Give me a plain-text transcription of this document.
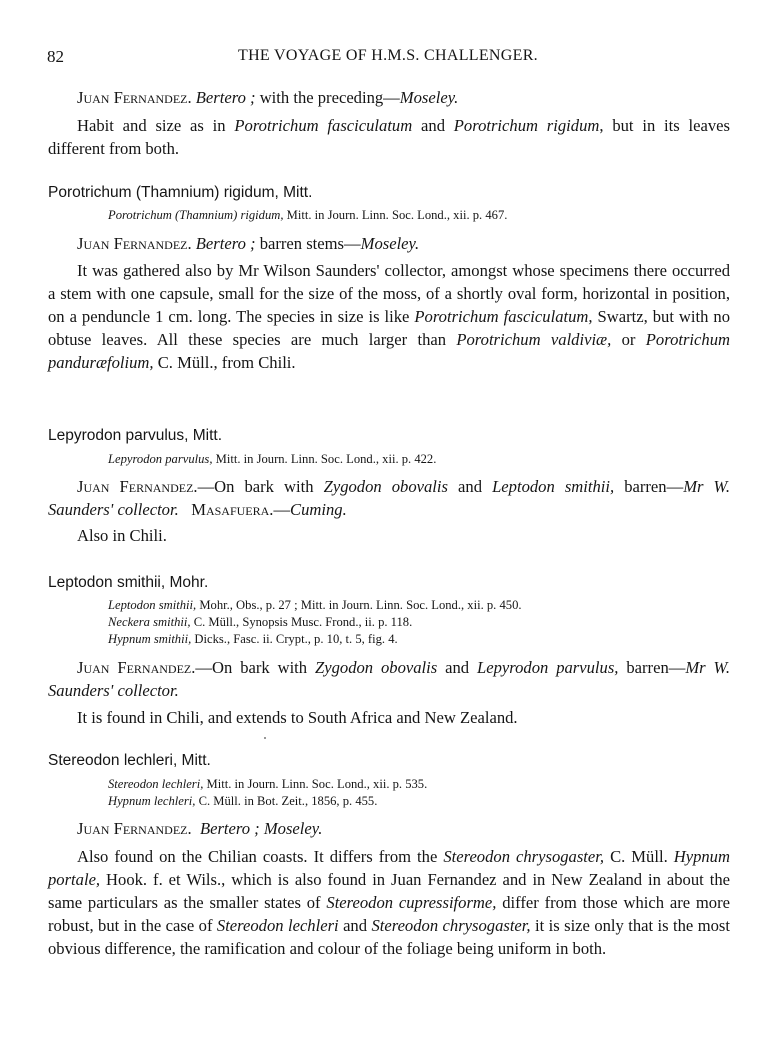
82	THE VOYAGE OF H.M.S. CHALLENGER.
Juan Fernandez. Bertero ; with the preceding—Moseley.
Habit and size as in Porotrichum fasciculatum and Porotrichum rigidum, but in its leaves different from both.
Porotrichum (Thamnium) rigidum, Mitt.
Porotrichum (Thamnium) rigidum, Mitt. in Journ. Linn. Soc. Lond., xii. p. 467.
Juan Fernandez. Bertero ; barren stems—Moseley.
It was gathered also by Mr Wilson Saunders' collector, amongst whose specimens there occurred a stem with one capsule, small for the size of the moss, of a shortly oval form, horizontal in position, on a penduncle 1 cm. long. The species in size is like Porotrichum fasciculatum, Swartz, but with no obtuse leaves. All these species are much larger than Porotrichum valdiviæ, or Porotrichum panduræfolium, C. Müll., from Chili.
Lepyrodon parvulus, Mitt.
Lepyrodon parvulus, Mitt. in Journ. Linn. Soc. Lond., xii. p. 422.
Juan Fernandez.—On bark with Zygodon obovalis and Leptodon smithii, barren—Mr W. Saunders' collector. Masafuera.—Cuming.
Also in Chili.
Leptodon smithii, Mohr.
Leptodon smithii, Mohr., Obs., p. 27 ; Mitt. in Journ. Linn. Soc. Lond., xii. p. 450.
Neckera smithii, C. Müll., Synopsis Musc. Frond., ii. p. 118.
Hypnum smithii, Dicks., Fasc. ii. Crypt., p. 10, t. 5, fig. 4.
Juan Fernandez.—On bark with Zygodon obovalis and Lepyrodon parvulus, barren—Mr W. Saunders' collector.
It is found in Chili, and extends to South Africa and New Zealand.
Stereodon lechleri, Mitt.
Stereodon lechleri, Mitt. in Journ. Linn. Soc. Lond., xii. p. 535.
Hypnum lechleri, C. Müll. in Bot. Zeit., 1856, p. 455.
Juan Fernandez. Bertero ; Moseley.
Also found on the Chilian coasts. It differs from the Stereodon chrysogaster, C. Müll. Hypnum portale, Hook. f. et Wils., which is also found in Juan Fernandez and in New Zealand in about the same particulars as the smaller states of Stereodon cupressiforme, differ from those which are more robust, but in the case of Stereodon lechleri and Stereodon chrysogaster, it is size only that is the most obvious difference, the ramification and colour of the foliage being uniform in both.
